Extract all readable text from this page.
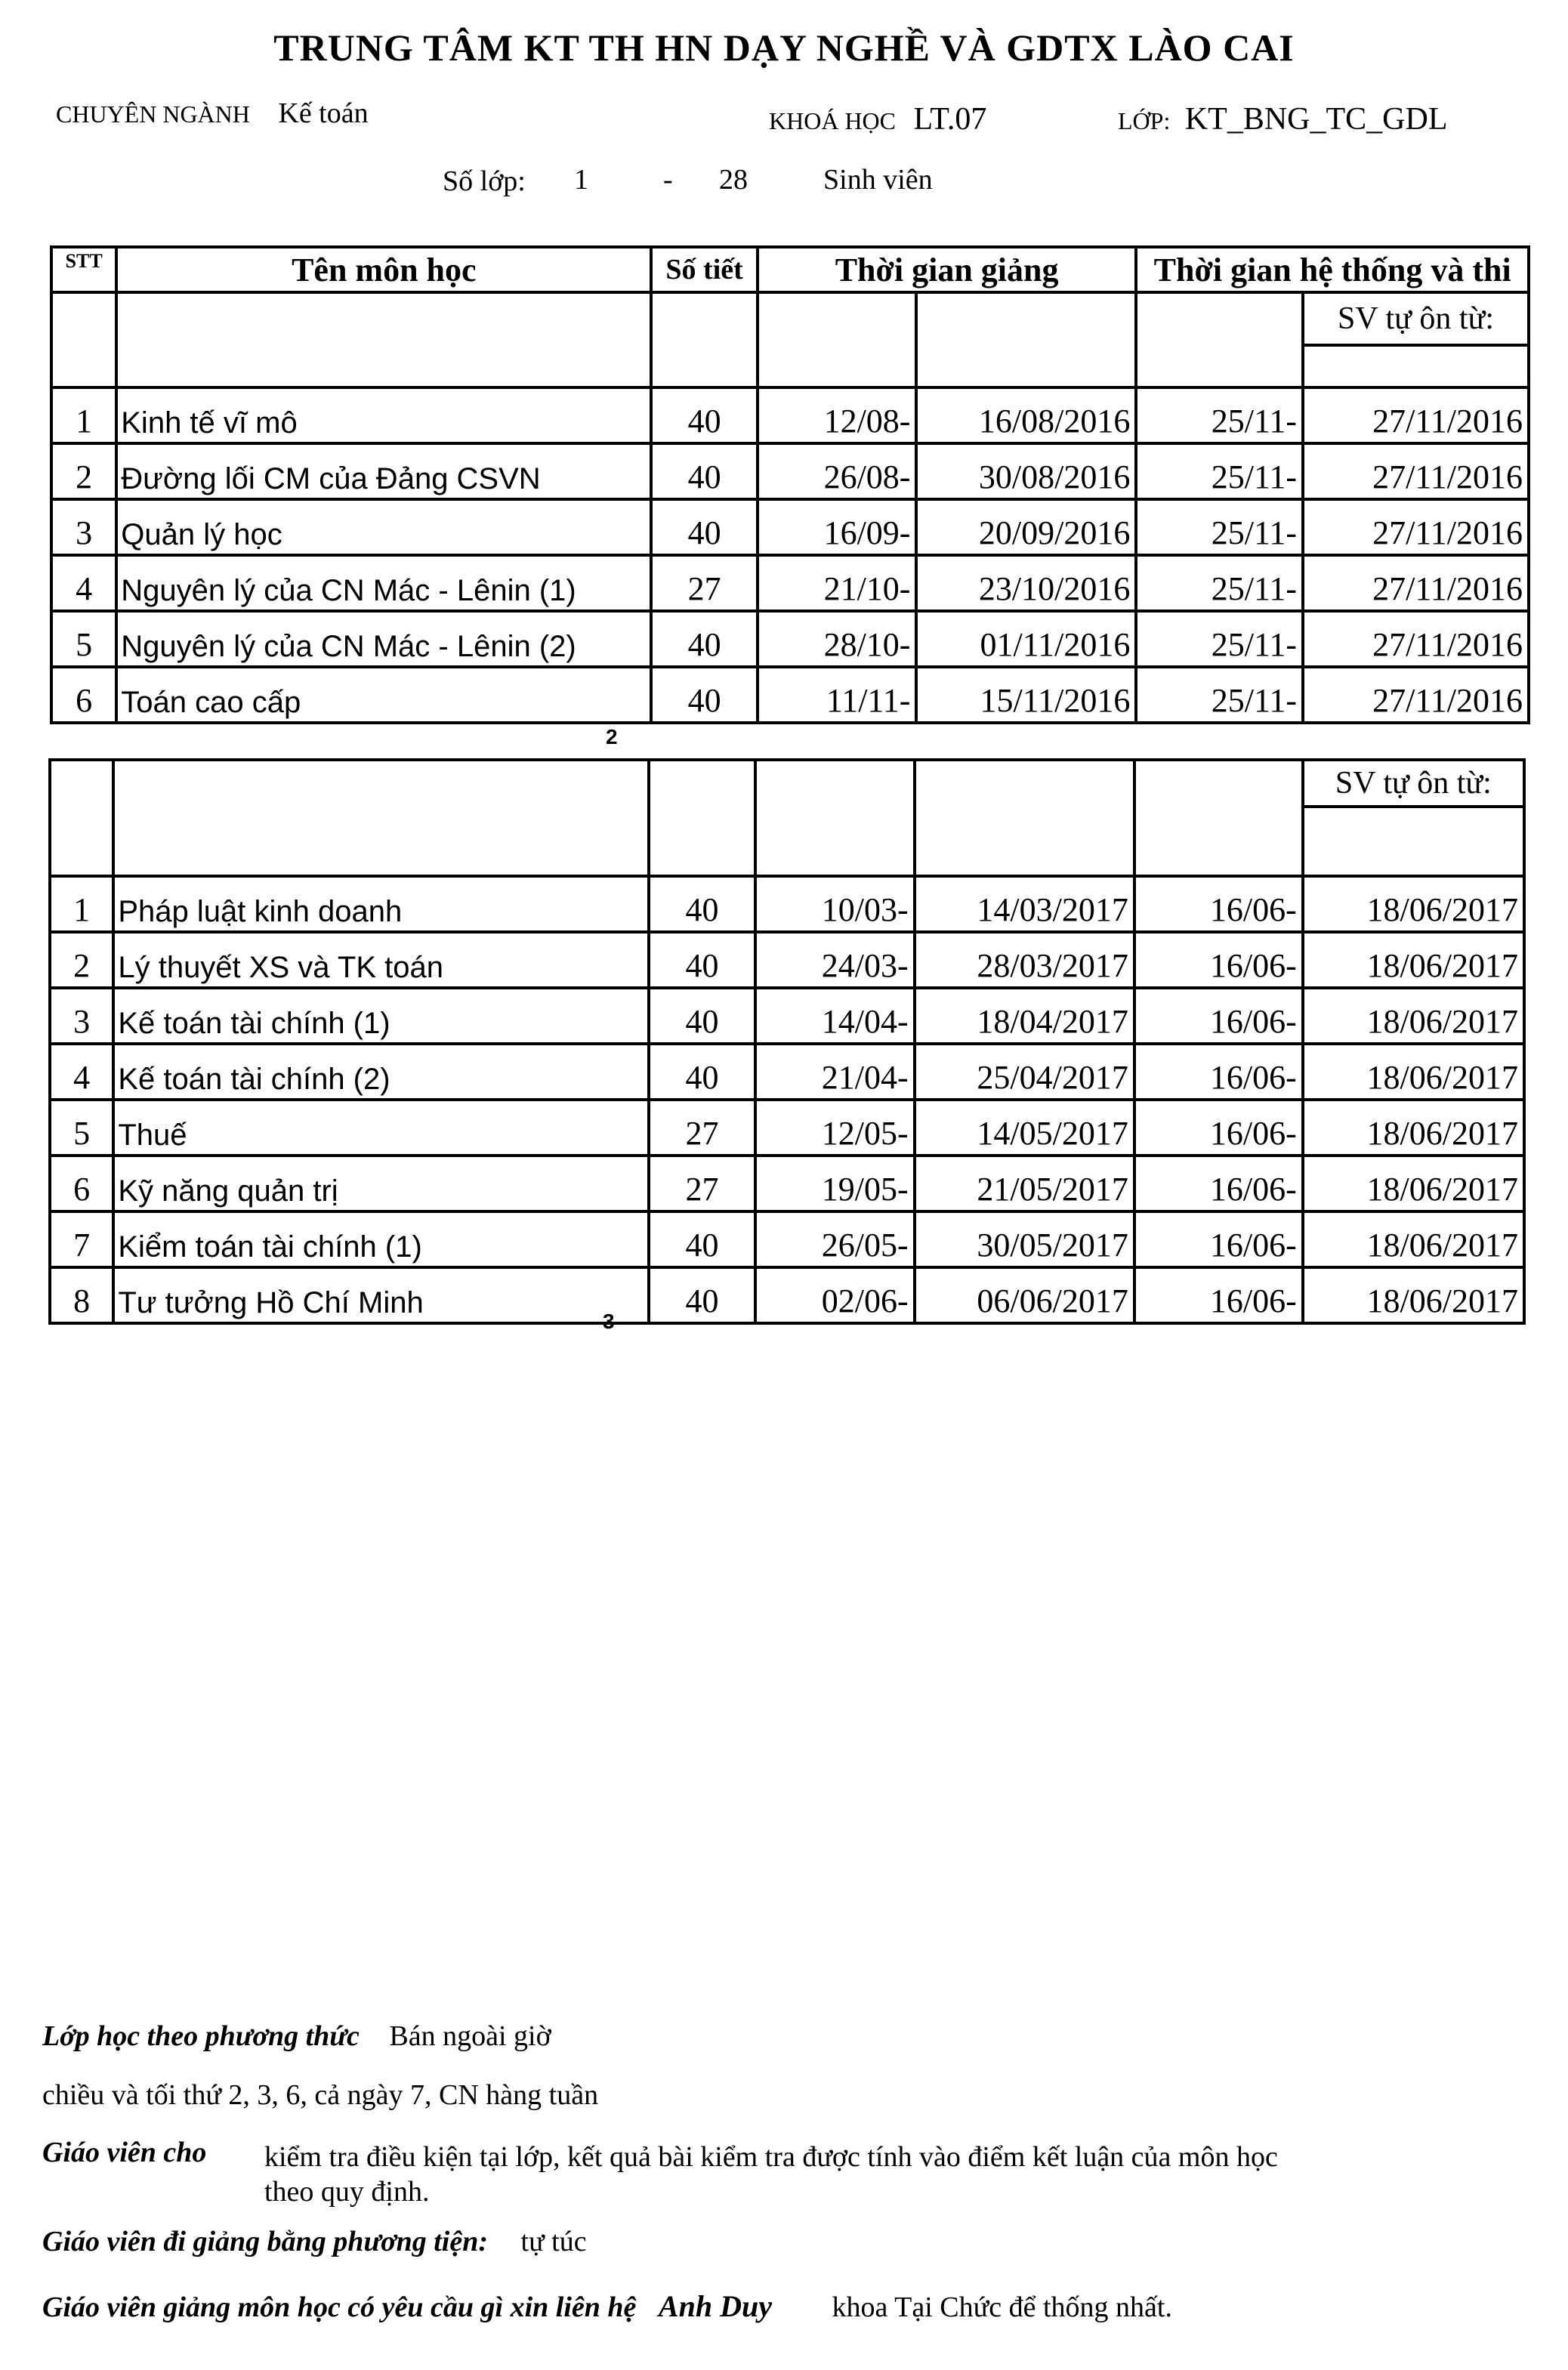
TRUNG TÂM KT TH HN DẠY NGHỀ VÀ GDTX LÀO CAI
CHUYÊN NGÀNH Kế toán	KHOÁ HỌC LT.07	LỚP: KT_BNG_TC_GDL
Số lớp: 1	- 28	Sinh viên
STT	Tên môn học	Số tiết	Thời gian giảng		Thời gian hệ thống và thi	
						SV tự ôn từ:

1	Kinh tế vĩ mô	40	12/08-	16/08/2016	25/11-	27/11/2016
2	Đường lối CM của Đảng CSVN	40	26/08-	30/08/2016	25/11-	27/11/2016
3	Quản lý học	40	16/09-	20/09/2016	25/11-	27/11/2016
4	Nguyên lý của CN Mác - Lênin (1)	27	21/10-	23/10/2016	25/11-	27/11/2016
5	Nguyên lý của CN Mác - Lênin (2)	40	28/10-	01/11/2016	25/11-	27/11/2016
6	Toán cao cấp	40	11/11-	15/11/2016	25/11-	27/11/2016
2
						SV tự ôn từ:

1	Pháp luật kinh doanh	40	10/03-	14/03/2017	16/06-	18/06/2017
2	Lý thuyết XS và TK toán	40	24/03-	28/03/2017	16/06-	18/06/2017
3	Kế toán tài chính (1)	40	14/04-	18/04/2017	16/06-	18/06/2017
4	Kế toán tài chính (2)	40	21/04-	25/04/2017	16/06-	18/06/2017
5	Thuế	27	12/05-	14/05/2017	16/06-	18/06/2017
6	Kỹ năng quản trị	27	19/05-	21/05/2017	16/06-	18/06/2017
7	Kiểm toán tài chính (1)	40	26/05-	30/05/2017	16/06-	18/06/2017
8	Tư tưởng Hồ Chí Minh	40	02/06-	06/06/2017	16/06-	18/06/2017
3
Lớp học theo phương thức Bán ngoài giờ
chiều và tối thứ 2, 3, 6, cả ngày 7, CN hàng tuần
Giáo viên cho kiểm tra điều kiện tại lớp, kết quả bài kiểm tra được tính vào điểm kết luận của môn học
theo quy định.
Giáo viên đi giảng bằng phương tiện: tự túc
Giáo viên giảng môn học có yêu cầu gì xin liên hệ Anh Duy khoa Tại Chức để thống nhất.
